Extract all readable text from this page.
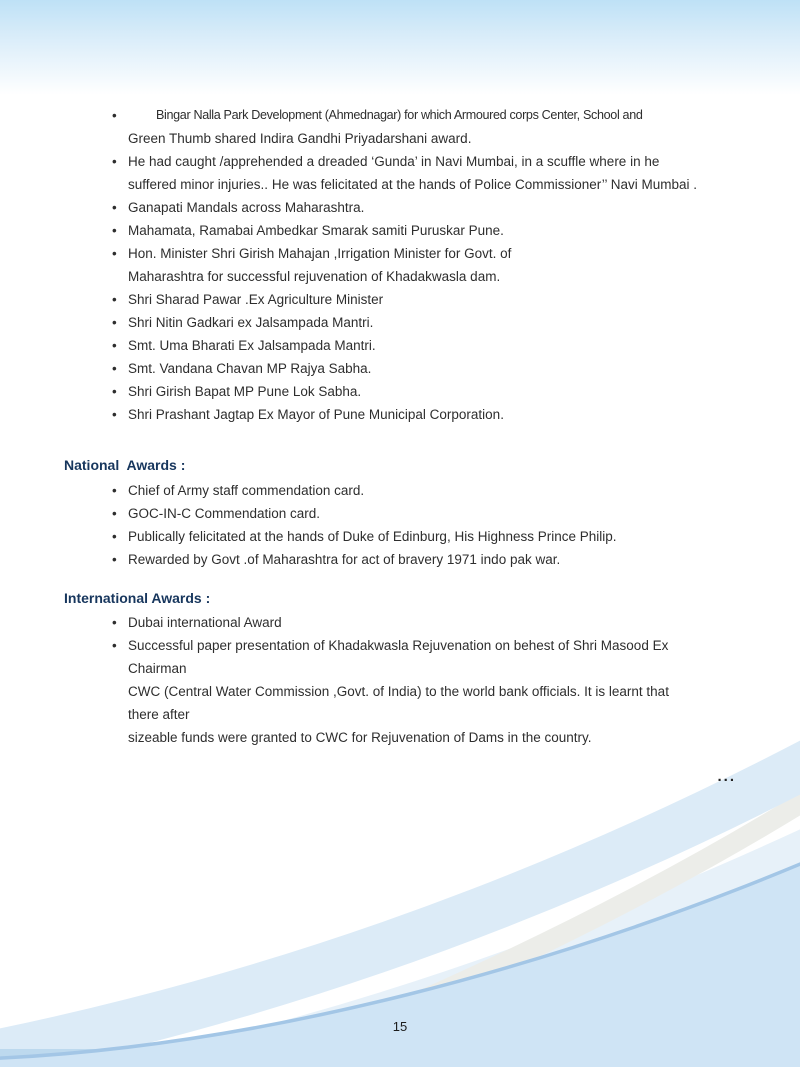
• Bingar Nalla Park Development (Ahmednagar) for which Armoured corps Center, School and
Green Thumb shared Indira Gandhi Priyadarshani award.
• He had caught /apprehended a dreaded ‘Gunda’ in Navi Mumbai, in a scuffle where in he
suffered minor injuries.. He was felicitated at the hands of Police Commissioner’’ Navi Mumbai .
• Ganapati Mandals across Maharashtra.
• Mahamata, Ramabai Ambedkar Smarak samiti Puruskar Pune.
• Hon. Minister Shri Girish Mahajan ,Irrigation Minister for Govt. of
Maharashtra for successful rejuvenation of Khadakwasla dam.
• Shri Sharad Pawar .Ex Agriculture Minister
• Shri Nitin Gadkari ex Jalsampada Mantri.
• Smt. Uma Bharati Ex Jalsampada Mantri.
• Smt. Vandana Chavan MP Rajya Sabha.
• Shri Girish Bapat MP Pune Lok Sabha.
• Shri Prashant Jagtap Ex Mayor of Pune Municipal Corporation.
National  Awards :
• Chief of Army staff commendation card.
• GOC-IN-C Commendation card.
• Publically felicitated at the hands of Duke of Edinburg, His Highness Prince Philip.
• Rewarded by Govt .of Maharashtra for act of bravery 1971 indo pak war.
International Awards :
• Dubai international Award
• Successful paper presentation of Khadakwasla Rejuvenation on behest of Shri Masood Ex
Chairman
CWC (Central Water Commission ,Govt. of India) to the world bank officials. It is learnt that
there after
sizeable funds were granted to CWC for Rejuvenation of Dams in the country.
...
15
